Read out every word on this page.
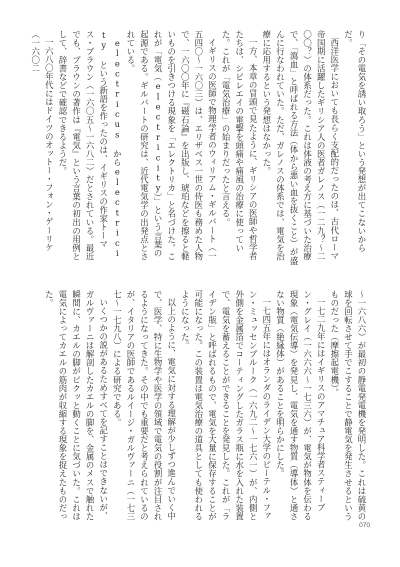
り「その電気を誘い取ろう」という発想が出てこないからだ。

西洋医学においても長らく支配的だったのは、古代ローマ帝国期に活躍したギリシア人の医者ガレノス（一二九？〜二〇〇？）の体系だった。これは体液の考え方に基づいた治療で、「瀉血」と呼ばれる方法（体から悪い血を抜くこと）が盛んに行なわれていた。ただ、ガレノスの体系では、電気を治療に応用するという発想はなかった。

一方、本章の冒頭で見たように、ギリシアの医師や哲学者たちは、シビレエイの電撃を頭痛や痛風の治療に使っていた。これが「電気治療」の始まりだったと言える。

イギリスの医師で物理学者のウィリアム・ギルバート（一五四〇〜一六〇三）は、エリザベス一世の侍医も務めた人物で、一六〇〇年に『磁石論』を出版し、琥珀などを擦ると軽いものを引きつける現象を「エレクトリカ」と名づけた。これが「電気（electricity）」という言葉の起源である。ギルバートの研究は、近代電気学の出発点とされている。

electricus からelectricity という新語を作ったのは、イギリスの作家トーマス・ブラウン（一六〇五〜一六八二）だとされている。最近でも、ブラウンの著作は『電気』という言葉の初出の用例として、辞書などで確認できるようだ。

一六八〇年代にはドイツのオットー・フォン・ゲーリケ（一六〇二

〜一六八六）が最初の静電発電機を発明した。これは硫黄の球を回転させて手でこすることで静電気を発生させるというものだった（摩擦起電機）。

一七二九年にはイギリスのアマチュア科学者スティーブン・グレイ（一六六六〜一七三六）が、電気が物体を伝わる現象（電気伝導）を発見し、電気を通す物質（導体）と通さない物質（絶縁体）があることを明らかにした。

一七四五年にはオランダのライデン大学のピーテル・ファン・ミュッセンブルーク（一六九二〜一七六一）が、内側と外側を金属箔でコーティングしたガラス瓶に水を入れた装置で、電気を蓄えることができることを発見した。これが「ライデン瓶」と呼ばれるもので、電気を大量に保存することが可能になった。この装置は電気治療の道具としても使われるようになった。

以上のように、電気に対する理解が少しずつ進んでいく中で、医学、特に生物学や医学の領域で電気の役割が注目されるようになってきた。その中でも重要だと考えられているのが、イタリアの医師であるルイージ・ガルヴァーニ（一七三七〜一七九八）による研究である。

いくつかの説があるためすべてを記すことはできないが、ガルヴァーニは解剖したカエルの脚を、金属のメスで触れた瞬間に、カエルの脚がピクッと動くことに気づいた。これは電気によってカエルの筋肉が収縮する現象を捉えたものだった。

070
